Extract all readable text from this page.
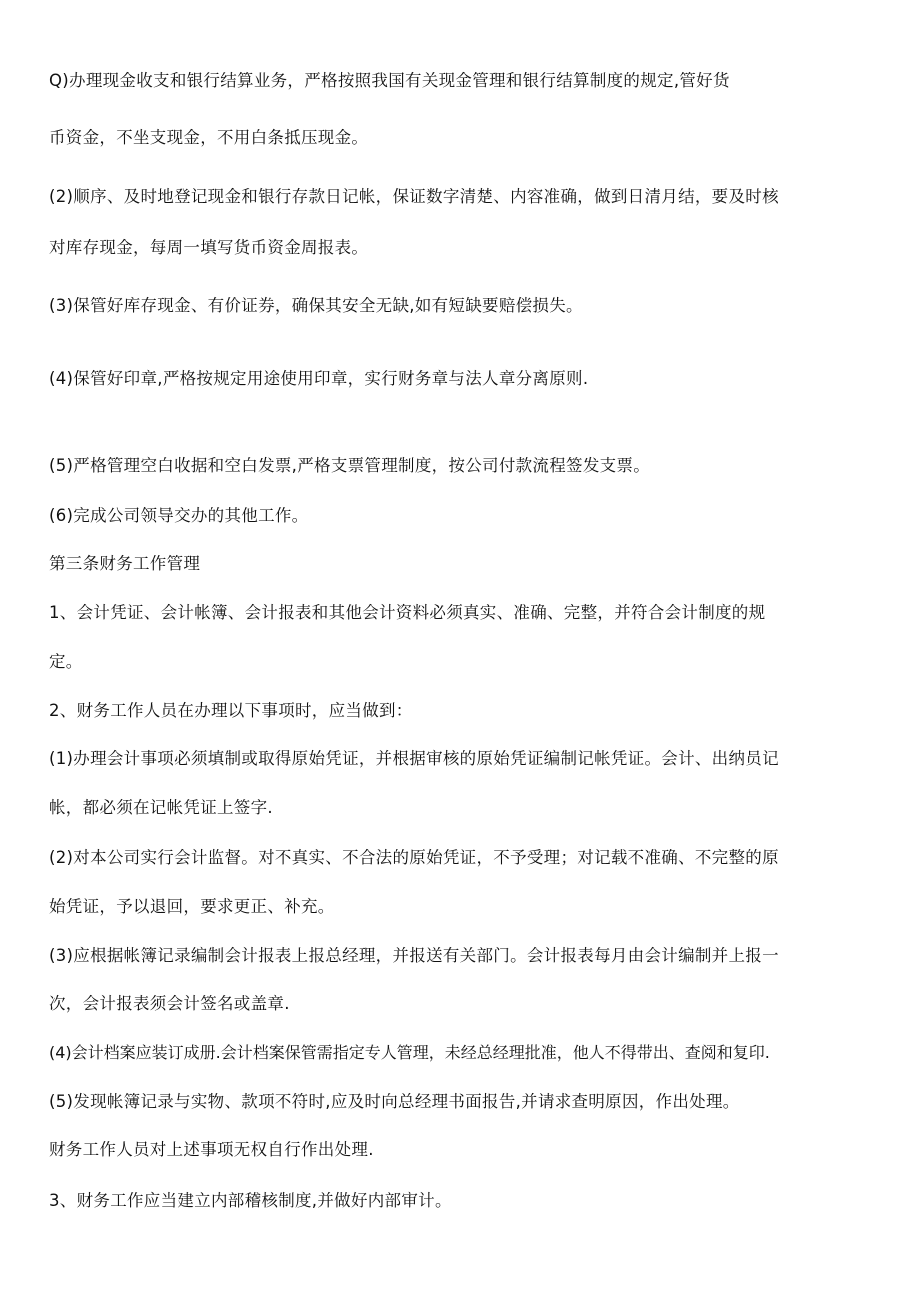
Q)办理现金收支和银行结算业务，严格按照我国有关现金管理和银行结算制度的规定,管好货
币资金，不坐支现金，不用白条抵压现金。
(2)顺序、及时地登记现金和银行存款日记帐，保证数字清楚、内容准确，做到日清月结，要及时核
对库存现金，每周一填写货币资金周报表。
(3)保管好库存现金、有价证券，确保其安全无缺,如有短缺要赔偿损失。
(4)保管好印章,严格按规定用途使用印章，实行财务章与法人章分离原则.
(5)严格管理空白收据和空白发票,严格支票管理制度，按公司付款流程签发支票。
(6)完成公司领导交办的其他工作。
第三条财务工作管理
1、会计凭证、会计帐簿、会计报表和其他会计资料必须真实、准确、完整，并符合会计制度的规
定。
2、财务工作人员在办理以下事项时，应当做到：
(1)办理会计事项必须填制或取得原始凭证，并根据审核的原始凭证编制记帐凭证。会计、出纳员记
帐，都必须在记帐凭证上签字.
(2)对本公司实行会计监督。对不真实、不合法的原始凭证，不予受理；对记载不准确、不完整的原
始凭证，予以退回，要求更正、补充。
(3)应根据帐簿记录编制会计报表上报总经理，并报送有关部门。会计报表每月由会计编制并上报一
次，会计报表须会计签名或盖章.
(4)会计档案应装订成册.会计档案保管需指定专人管理，未经总经理批准，他人不得带出、查阅和复印.
(5)发现帐簿记录与实物、款项不符时,应及时向总经理书面报告,并请求查明原因，作出处理。
财务工作人员对上述事项无权自行作出处理.
3、财务工作应当建立内部稽核制度,并做好内部审计。
